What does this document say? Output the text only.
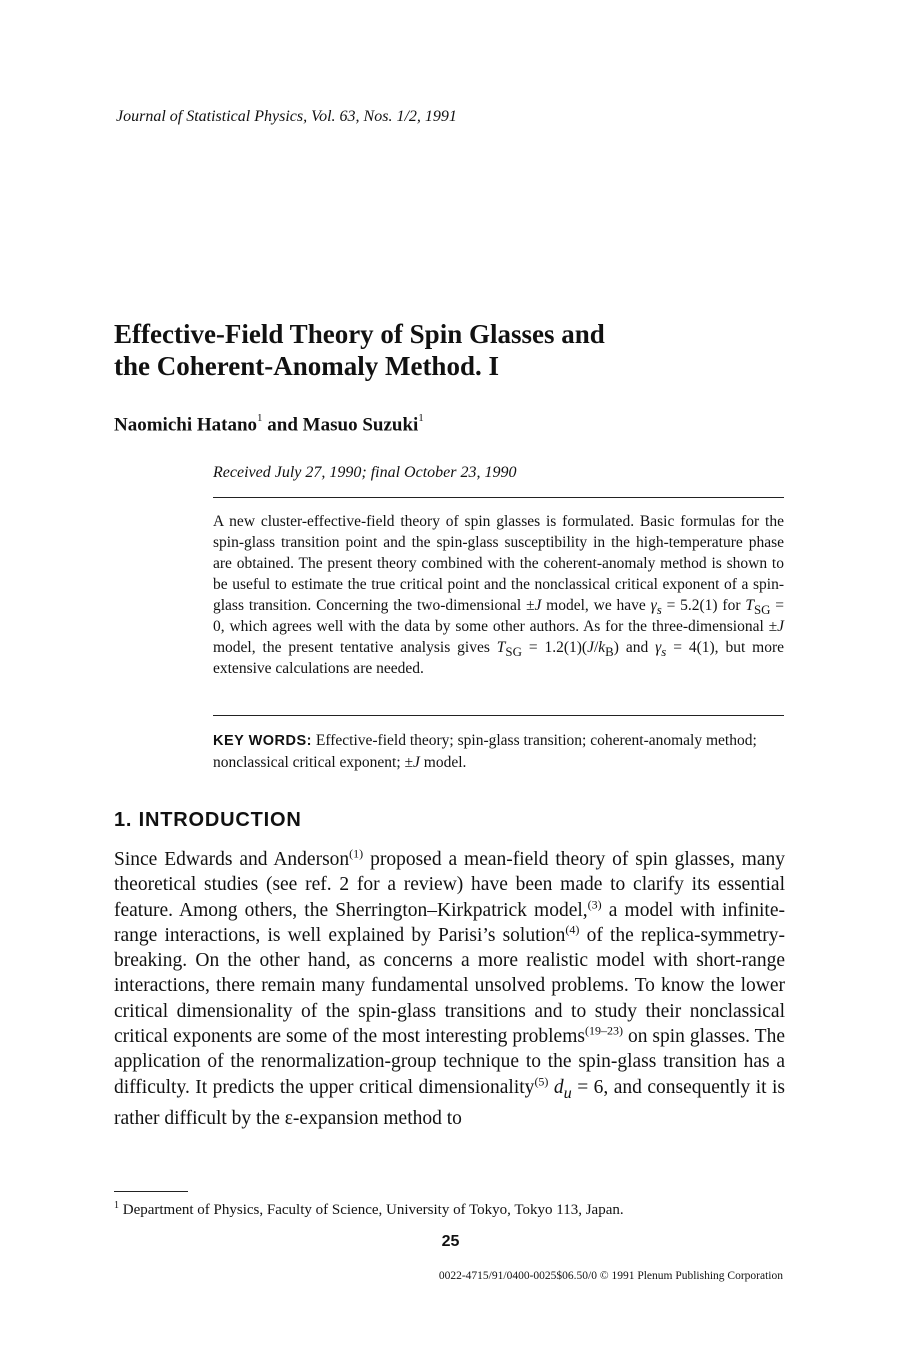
Journal of Statistical Physics, Vol. 63, Nos. 1/2, 1991
Effective-Field Theory of Spin Glasses and
the Coherent-Anomaly Method. I
Naomichi Hatano$^1$ and Masuo Suzuki$^1$
Received July 27, 1990; final October 23, 1990
A new cluster-effective-field theory of spin glasses is formulated. Basic formulas for the spin-glass transition point and the spin-glass susceptibility in the high-temperature phase are obtained. The present theory combined with the coherent-anomaly method is shown to be useful to estimate the true critical point and the nonclassical critical exponent of a spin-glass transition. Concerning the two-dimensional ±J model, we have $\gamma_s = 5.2(1)$ for $T_{SG} = 0$, which agrees well with the data by some other authors. As for the three-dimensional ±J model, the present tentative analysis gives $T_{SG} = 1.2(1)(J/k_B)$ and $\gamma_s = 4(1)$, but more extensive calculations are needed.
KEY WORDS: Effective-field theory; spin-glass transition; coherent-anomaly method; nonclassical critical exponent; ±J model.
1. INTRODUCTION
Since Edwards and Anderson$^{(1)}$ proposed a mean-field theory of spin glasses, many theoretical studies (see ref. 2 for a review) have been made to clarify its essential feature. Among others, the Sherrington–Kirkpatrick model,$^{(3)}$ a model with infinite-range interactions, is well explained by Parisi’s solution$^{(4)}$ of the replica-symmetry-breaking. On the other hand, as concerns a more realistic model with short-range interactions, there remain many fundamental unsolved problems. To know the lower critical dimensionality of the spin-glass transitions and to study their nonclassical critical exponents are some of the most interesting problems$^{(19-23)}$ on spin glasses. The application of the renormalization-group technique to the spin-glass transition has a difficulty. It predicts the upper critical dimensionality$^{(5)}$ $d_u = 6$, and consequently it is rather difficult by the ε-expansion method to
$^1$ Department of Physics, Faculty of Science, University of Tokyo, Tokyo 113, Japan.
25
0022-4715/91/0400-0025$06.50/0 © 1991 Plenum Publishing Corporation
